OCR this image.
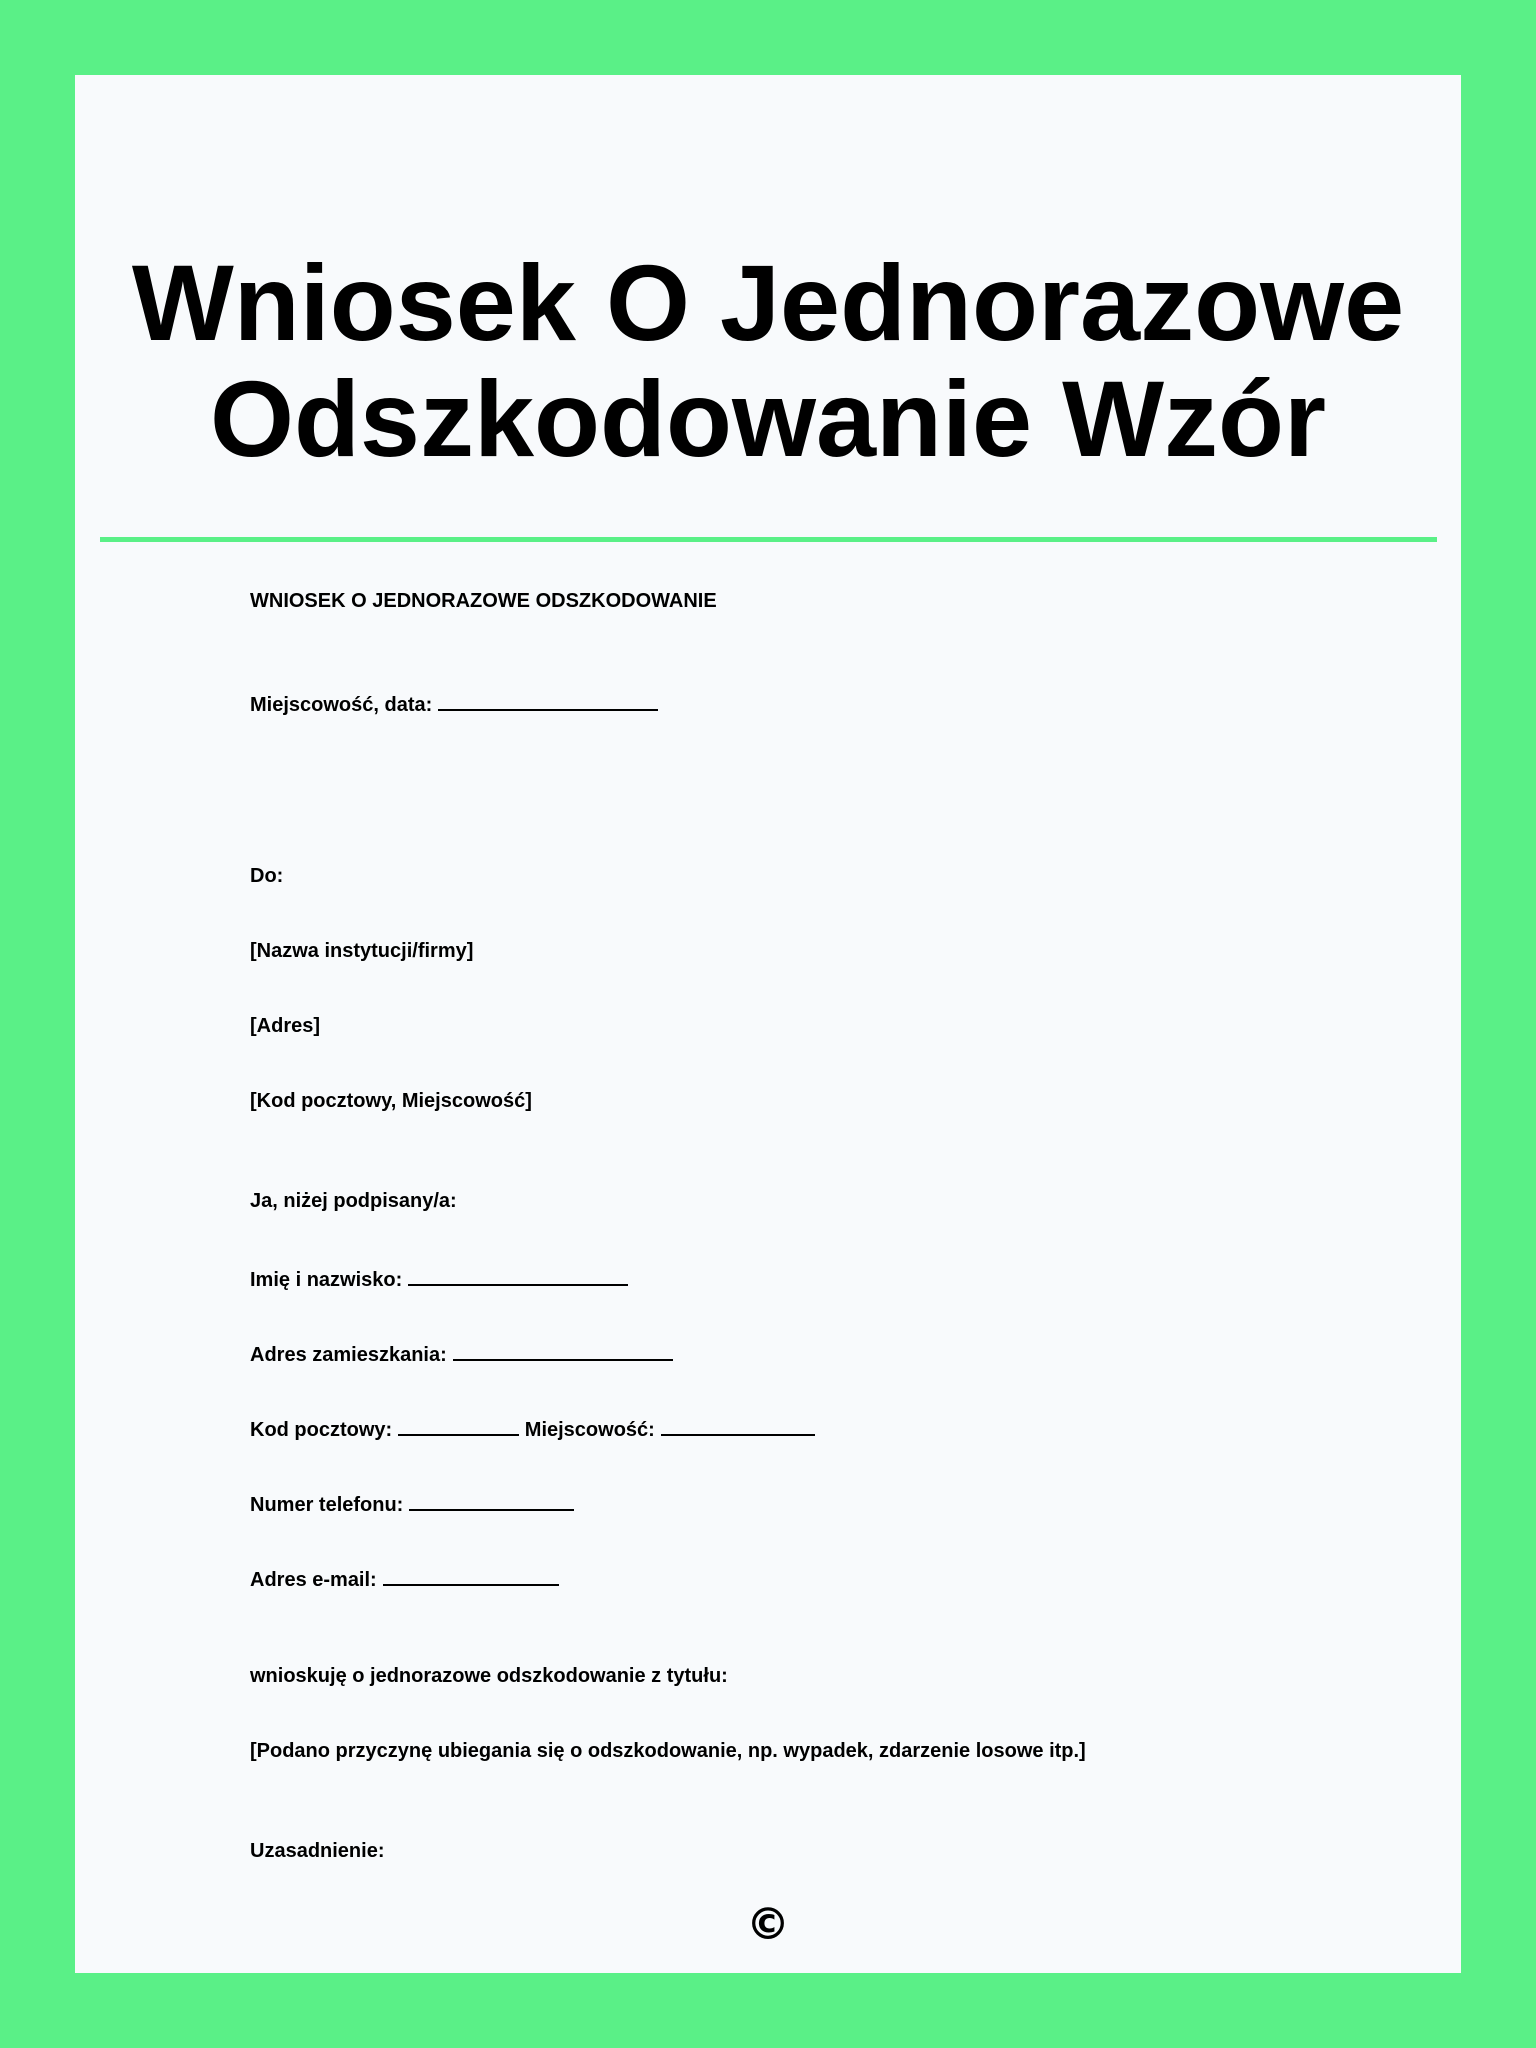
Wniosek O Jednorazowe
Odszkodowanie Wzór
WNIOSEK O JEDNORAZOWE ODSZKODOWANIE
Miejscowość, data:
Do:
[Nazwa instytucji/firmy]
[Adres]
[Kod pocztowy, Miejscowość]
Ja, niżej podpisany/a:
Imię i nazwisko:
Adres zamieszkania:
Kod pocztowy:	Miejscowość:
Numer telefonu:
Adres e-mail:
wnioskuję o jednorazowe odszkodowanie z tytułu:
[Podano przyczynę ubiegania się o odszkodowanie, np. wypadek, zdarzenie losowe itp.]
Uzasadnienie:
©
